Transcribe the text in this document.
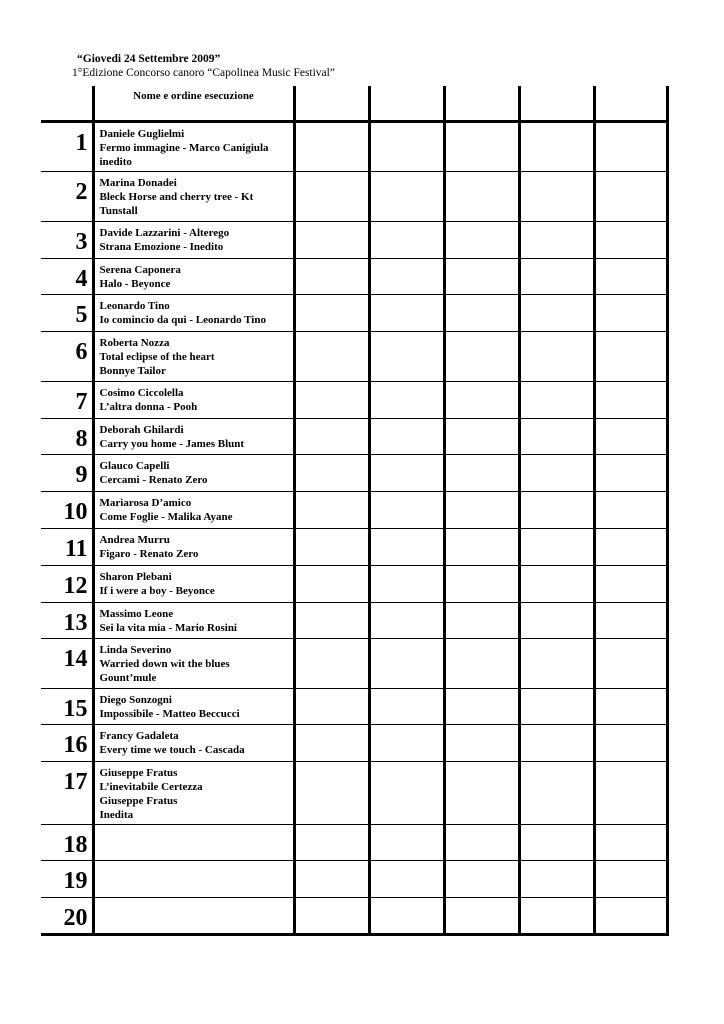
“Giovedi 24 Settembre 2009”
1°Edizione Concorso canoro “Capolinea Music Festival”

	Nome e ordine esecuzione					

1	Daniele Guglielmi
Fermo immagine - Marco Canigiula
inedito					

2	Marina Donadei
Bleck Horse and cherry tree - Kt
Tunstall					

3	Davide Lazzarini - Alterego
Strana Emozione - Inedito					

4	Serena Caponera
Halo - Beyonce					

5	Leonardo Tino
Io comincio da qui - Leonardo Tino					

6	Roberta Nozza
Total eclipse of the heart
Bonnye Tailor					

7	Cosimo Ciccolella
L’altra donna - Pooh					

8	Deborah Ghilardi
Carry you home - James Blunt					

9	Glauco Capelli
Cercami - Renato Zero					

10	Mariarosa D’amico
Come Foglie - Malika Ayane					

11	Andrea Murru
Figaro - Renato Zero					

12	Sharon Plebani
If i were a boy - Beyonce					

13	Massimo Leone
Sei la vita mia - Mario Rosini					

14	Linda Severino
Warried down wit the blues
Gount’mule					

15	Diego Sonzogni
Impossibile - Matteo Beccucci					

16	Francy Gadaleta
Every time we touch - Cascada					

17	Giuseppe Fratus
L’inevitabile Certezza
Giuseppe Fratus
Inedita					

18						
19						
20						
